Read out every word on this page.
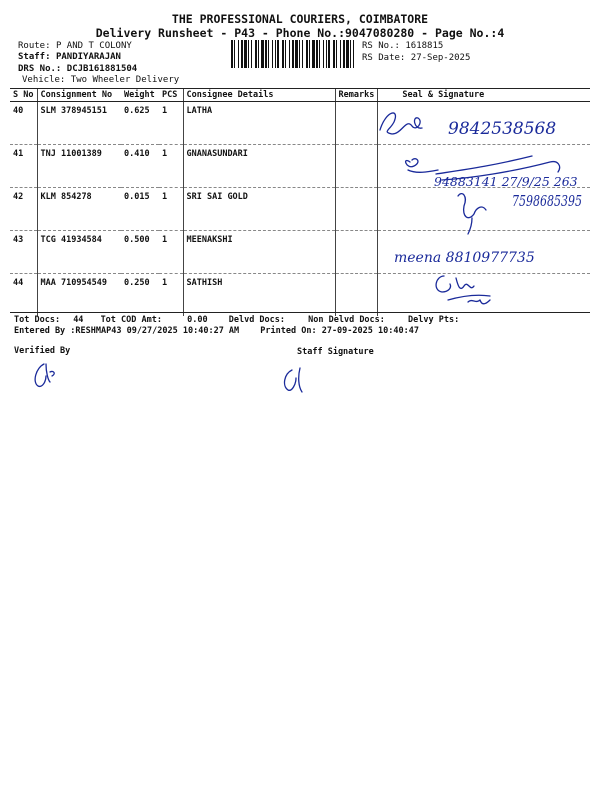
THE PROFESSIONAL COURIERS, COIMBATORE
Delivery Runsheet - P43 - Phone No.:9047080280 - Page No.:4
Route: P AND T COLONY
Staff: PANDIYARAJAN
DRS No.: DCJB161881504
Vehicle: Two Wheeler Delivery
RS No.: 1618815
RS Date: 27-Sep-2025
S No	Consignment No	Weight	PCS	Consignee Details	Remarks	Seal & Signature
40	SLM 378945151	0.625	1	LATHA		
41	TNJ 11001389	0.410	1	GNANASUNDARI		
42	KLM 854278	0.015	1	SRI SAI GOLD		
43	TCG 41934584	0.500	1	MEENAKSHI		
44	MAA 710954549	0.250	1	SATHISH		
9842538568
94883141 27/9/25 263
7598685395
meena 8810977735
Tot Docs: 44 Tot COD Amt:	0.00 Delvd Docs:	Non Delvd Docs:	Delvy Pts:
Entered By :RESHMAP43 09/27/2025 10:40:27 AM Printed On: 27-09-2025 10:40:47
Verified By	Staff Signature
